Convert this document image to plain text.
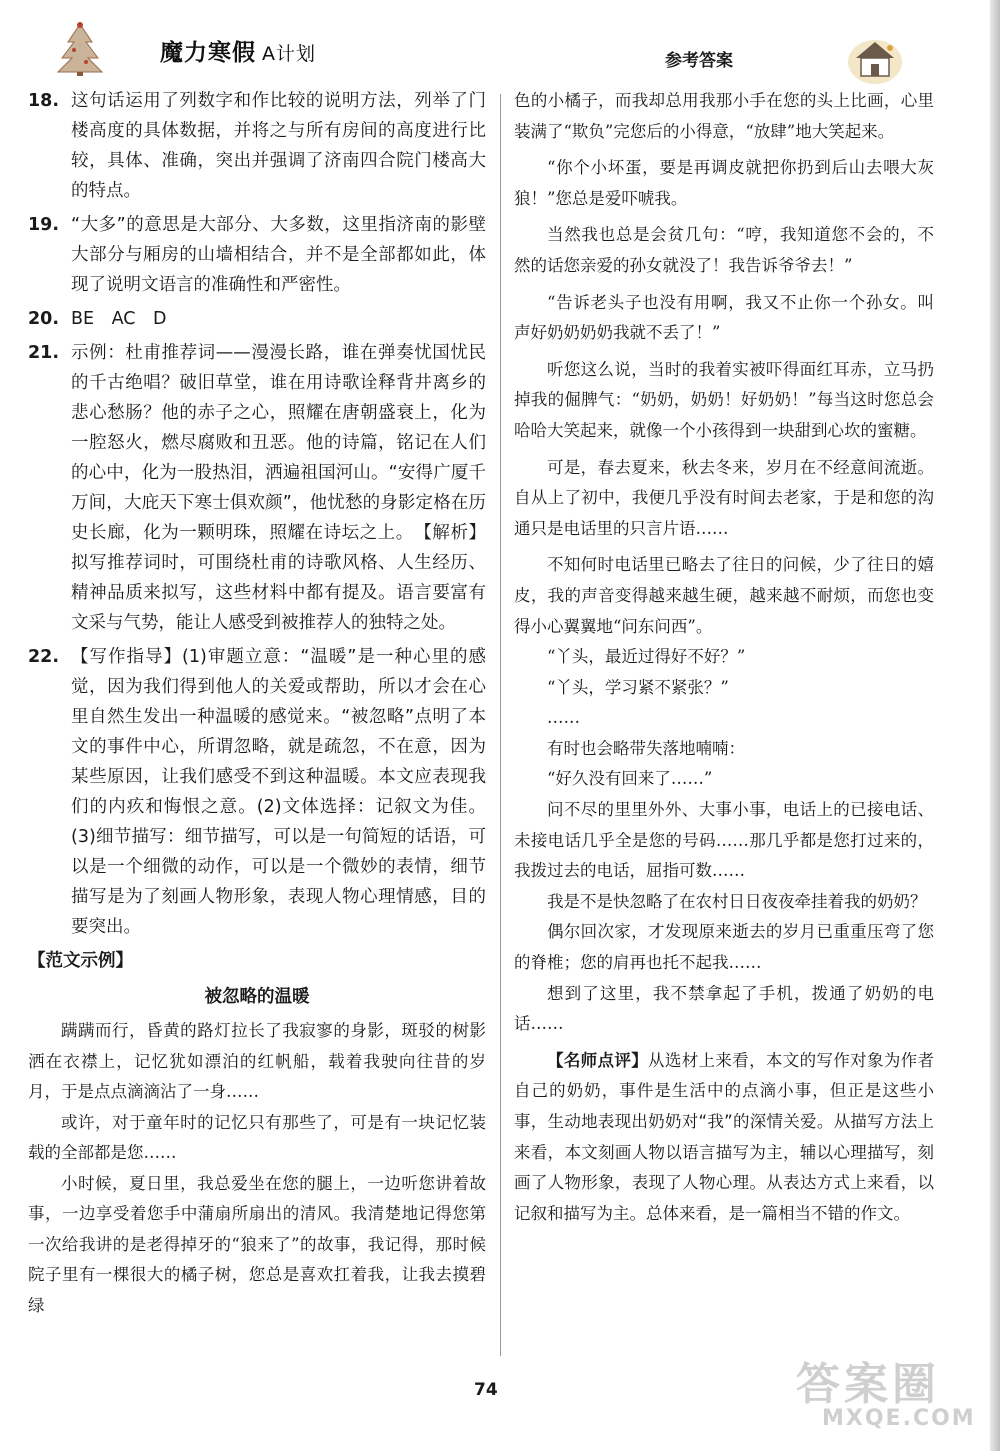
魔力寒假 A计划	参考答案
18. 这句话运用了列数字和作比较的说明方法，列举了门楼高度的具体数据，并将之与所有房间的高度进行比较，具体、准确，突出并强调了济南四合院门楼高大的特点。

19. “大多”的意思是大部分、大多数，这里指济南的影壁大部分与厢房的山墙相结合，并不是全部都如此，体现了说明文语言的准确性和严密性。

20. BE　AC　D

21. 示例：杜甫推荐词——漫漫长路，谁在弹奏忧国忧民的千古绝唱？破旧草堂，谁在用诗歌诠释背井离乡的悲心愁肠？他的赤子之心，照耀在唐朝盛衰上，化为一腔怒火，燃尽腐败和丑恶。他的诗篇，铭记在人们的心中，化为一股热泪，洒遍祖国河山。“安得广厦千万间，大庇天下寒士俱欢颜”，他忧愁的身影定格在历史长廊，化为一颗明珠，照耀在诗坛之上。　【解析】拟写推荐词时，可围绕杜甫的诗歌风格、人生经历、精神品质来拟写，这些材料中都有提及。语言要富有文采与气势，能让人感受到被推荐人的独特之处。

22. 【写作指导】(1)审题立意：“温暖”是一种心里的感觉，因为我们得到他人的关爱或帮助，所以才会在心里自然生发出一种温暖的感觉来。“被忽略”点明了本文的事件中心，所谓忽略，就是疏忽，不在意，因为某些原因，让我们感受不到这种温暖。本文应表现我们的内疚和悔恨之意。(2)文体选择：记叙文为佳。(3)细节描写：细节描写，可以是一句简短的话语，可以是一个细微的动作，可以是一个微妙的表情，细节描写是为了刻画人物形象，表现人物心理情感，目的要突出。

【范文示例】
被忽略的温暖

蹒蹒而行，昏黄的路灯拉长了我寂寥的身影，斑驳的树影洒在衣襟上，记忆犹如漂泊的红帆船，载着我驶向往昔的岁月，于是点点滴滴沾了一身……

或许，对于童年时的记忆只有那些了，可是有一块记忆装载的全部都是您……

小时候，夏日里，我总爱坐在您的腿上，一边听您讲着故事，一边享受着您手中蒲扇所扇出的清风。我清楚地记得您第一次给我讲的是老得掉牙的“狼来了”的故事，我记得，那时候院子里有一棵很大的橘子树，您总是喜欢扛着我，让我去摸碧绿

色的小橘子，而我却总用我那小手在您的头上比画，心里装满了“欺负”完您后的小得意，“放肆”地大笑起来。

“你个小坏蛋，要是再调皮就把你扔到后山去喂大灰狼！”您总是爱吓唬我。

当然我也总是会贫几句：“哼，我知道您不会的，不然的话您亲爱的孙女就没了！我告诉爷爷去！”

“告诉老头子也没有用啊，我又不止你一个孙女。叫声好奶奶奶奶我就不丢了！”

听您这么说，当时的我着实被吓得面红耳赤，立马扔掉我的倔脾气：“奶奶，奶奶！好奶奶！”每当这时您总会哈哈大笑起来，就像一个小孩得到一块甜到心坎的蜜糖。

可是，春去夏来，秋去冬来，岁月在不经意间流逝。自从上了初中，我便几乎没有时间去老家，于是和您的沟通只是电话里的只言片语……

不知何时电话里已略去了往日的问候，少了往日的嬉皮，我的声音变得越来越生硬，越来越不耐烦，而您也变得小心翼翼地“问东问西”。

“丫头，最近过得好不好？”

“丫头，学习紧不紧张？”

……

有时也会略带失落地喃喃：

“好久没有回来了……”

问不尽的里里外外、大事小事，电话上的已接电话、未接电话几乎全是您的号码……那几乎都是您打过来的，我拨过去的电话，屈指可数……

我是不是快忽略了在农村日日夜夜牵挂着我的奶奶？

偶尔回次家，才发现原来逝去的岁月已重重压弯了您的脊椎；您的肩再也托不起我……

想到了这里，我不禁拿起了手机，拨通了奶奶的电话……

【名师点评】从选材上来看，本文的写作对象为作者自己的奶奶，事件是生活中的点滴小事，但正是这些小事，生动地表现出奶奶对“我”的深情关爱。从描写方法上来看，本文刻画人物以语言描写为主，辅以心理描写，刻画了人物形象，表现了人物心理。从表达方式上来看，以记叙和描写为主。总体来看，是一篇相当不错的作文。

74	答案圈
MXQE.COM
